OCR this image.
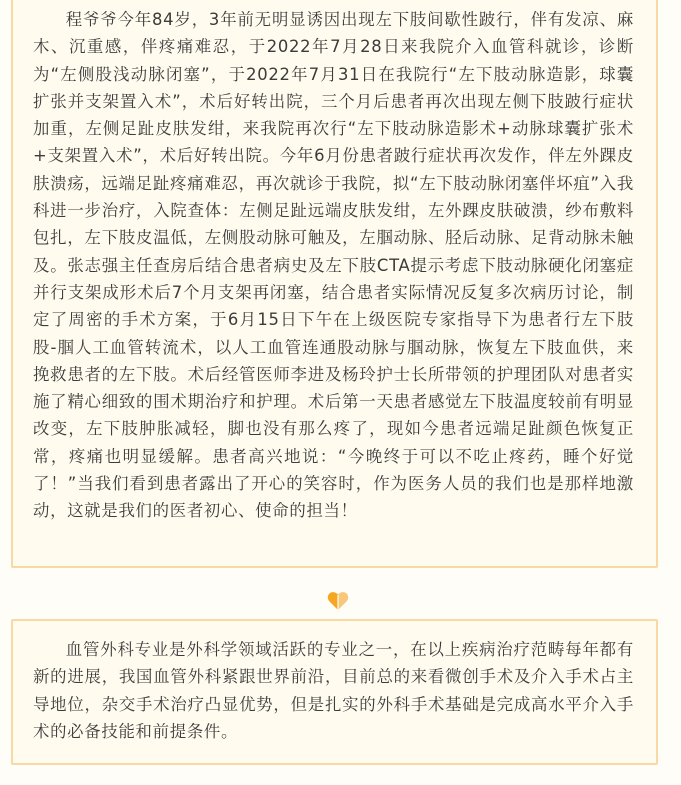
程爷爷今年84岁，3年前无明显诱因出现左下肢间歇性跛行，伴有发凉、麻木、沉重感，伴疼痛难忍，于2022年7月28日来我院介入血管科就诊，诊断为“左侧股浅动脉闭塞”，于2022年7月31日在我院行“左下肢动脉造影，球囊扩张并支架置入术”，术后好转出院，三个月后患者再次出现左侧下肢跛行症状加重，左侧足趾皮肤发绀，来我院再次行“左下肢动脉造影术+动脉球囊扩张术+支架置入术”，术后好转出院。今年6月份患者跛行症状再次发作，伴左外踝皮肤溃疡，远端足趾疼痛难忍，再次就诊于我院，拟“左下肢动脉闭塞伴坏疽”入我科进一步治疗，入院查体：左侧足趾远端皮肤发绀，左外踝皮肤破溃，纱布敷料包扎，左下肢皮温低，左侧股动脉可触及，左腘动脉、胫后动脉、足背动脉未触及。张志强主任查房后结合患者病史及左下肢CTA提示考虑下肢动脉硬化闭塞症并行支架成形术后7个月支架再闭塞，结合患者实际情况反复多次病历讨论，制定了周密的手术方案，于6月15日下午在上级医院专家指导下为患者行左下肢股-腘人工血管转流术，以人工血管连通股动脉与腘动脉，恢复左下肢血供，来挽救患者的左下肢。术后经管医师李进及杨玲护士长所带领的护理团队对患者实施了精心细致的围术期治疗和护理。术后第一天患者感觉左下肢温度较前有明显改变，左下肢肿胀减轻，脚也没有那么疼了，现如今患者远端足趾颜色恢复正常，疼痛也明显缓解。患者高兴地说：“今晚终于可以不吃止疼药，睡个好觉了！”当我们看到患者露出了开心的笑容时，作为医务人员的我们也是那样地激动，这就是我们的医者初心、使命的担当！

血管外科专业是外科学领域活跃的专业之一，在以上疾病治疗范畴每年都有新的进展，我国血管外科紧跟世界前沿，目前总的来看微创手术及介入手术占主导地位，杂交手术治疗凸显优势，但是扎实的外科手术基础是完成高水平介入手术的必备技能和前提条件。
